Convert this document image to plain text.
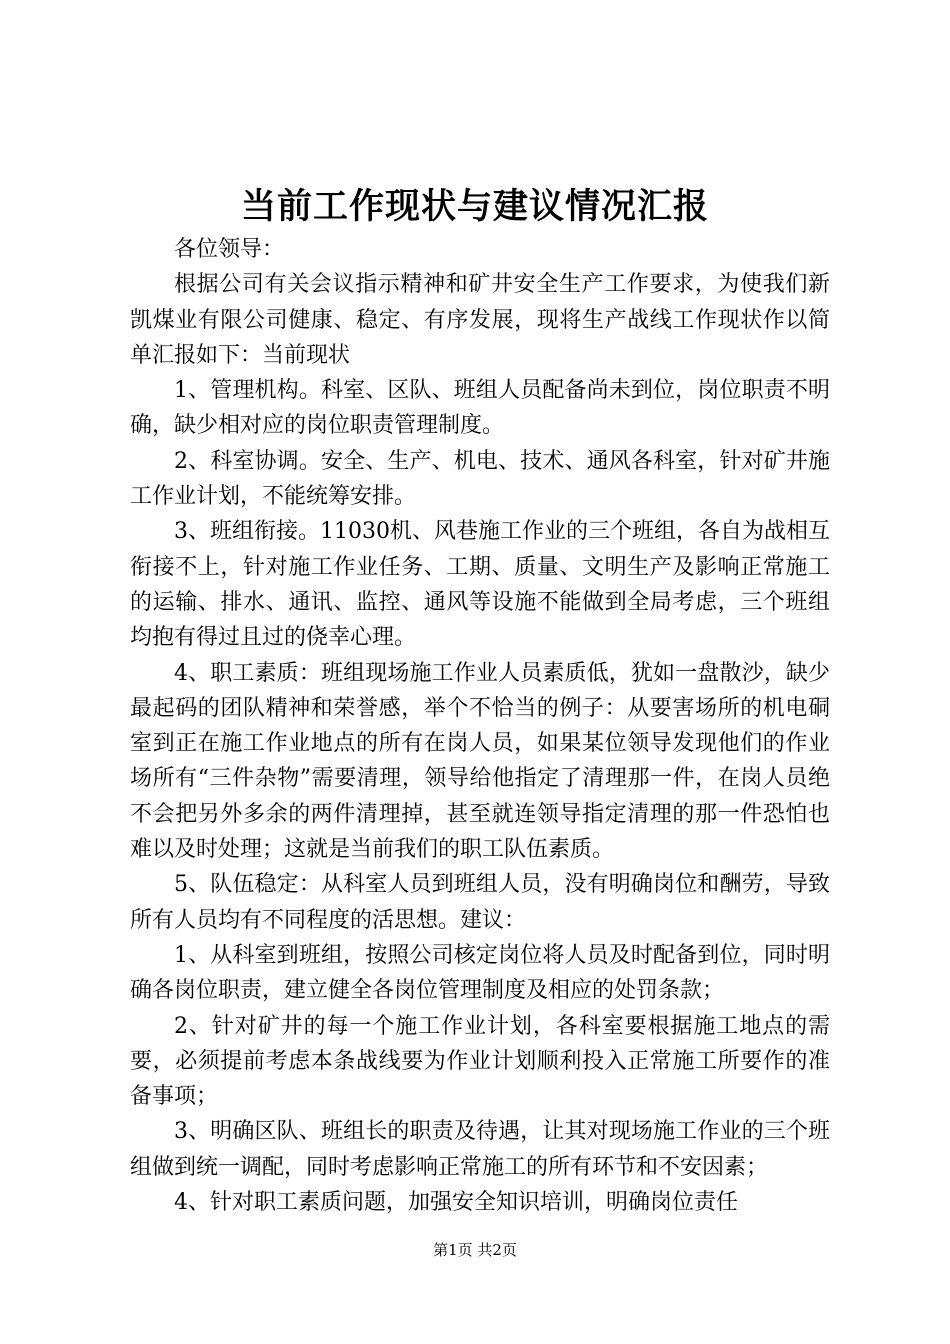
当前工作现状与建议情况汇报

各位领导：

根据公司有关会议指示精神和矿井安全生产工作要求，为使我们新凯煤业有限公司健康、稳定、有序发展，现将生产战线工作现状作以简单汇报如下：当前现状

1、管理机构。科室、区队、班组人员配备尚未到位，岗位职责不明确，缺少相对应的岗位职责管理制度。

2、科室协调。安全、生产、机电、技术、通风各科室，针对矿井施工作业计划，不能统筹安排。

3、班组衔接。11030机、风巷施工作业的三个班组，各自为战相互衔接不上，针对施工作业任务、工期、质量、文明生产及影响正常施工的运输、排水、通讯、监控、通风等设施不能做到全局考虑，三个班组均抱有得过且过的侥幸心理。

4、职工素质：班组现场施工作业人员素质低，犹如一盘散沙，缺少最起码的团队精神和荣誉感，举个不恰当的例子：从要害场所的机电硐室到正在施工作业地点的所有在岗人员，如果某位领导发现他们的作业场所有“三件杂物”需要清理，领导给他指定了清理那一件，在岗人员绝不会把另外多余的两件清理掉，甚至就连领导指定清理的那一件恐怕也难以及时处理；这就是当前我们的职工队伍素质。

5、队伍稳定：从科室人员到班组人员，没有明确岗位和酬劳，导致所有人员均有不同程度的活思想。建议：

1、从科室到班组，按照公司核定岗位将人员及时配备到位，同时明确各岗位职责，建立健全各岗位管理制度及相应的处罚条款；

2、针对矿井的每一个施工作业计划，各科室要根据施工地点的需要，必须提前考虑本条战线要为作业计划顺利投入正常施工所要作的准备事项；

3、明确区队、班组长的职责及待遇，让其对现场施工作业的三个班组做到统一调配，同时考虑影响正常施工的所有环节和不安因素；

4、针对职工素质问题，加强安全知识培训，明确岗位责任

第1页 共2页
